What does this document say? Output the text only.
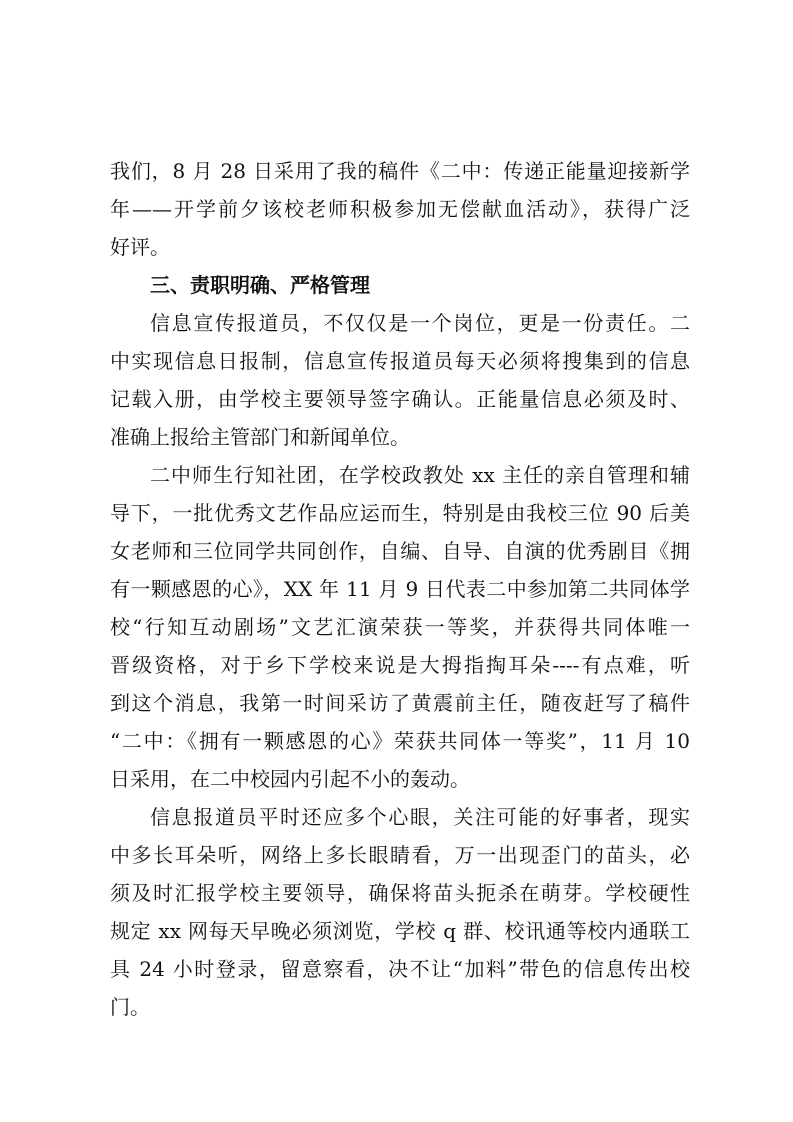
我们，8 月 28 日采用了我的稿件《二中：传递正能量迎接新学
年——开学前夕该校老师积极参加无偿献血活动》，获得广泛
好评。
三、责职明确、严格管理
信息宣传报道员，不仅仅是一个岗位，更是一份责任。二
中实现信息日报制，信息宣传报道员每天必须将搜集到的信息
记载入册，由学校主要领导签字确认。正能量信息必须及时、
准确上报给主管部门和新闻单位。
二中师生行知社团，在学校政教处 xx 主任的亲自管理和辅
导下，一批优秀文艺作品应运而生，特别是由我校三位 90 后美
女老师和三位同学共同创作，自编、自导、自演的优秀剧目《拥
有一颗感恩的心》，XX 年 11 月 9 日代表二中参加第二共同体学
校“行知互动剧场”文艺汇演荣获一等奖，并获得共同体唯一
晋级资格，对于乡下学校来说是大拇指掏耳朵----有点难，听
到这个消息，我第一时间采访了黄震前主任，随夜赶写了稿件
“二中：《拥有一颗感恩的心》荣获共同体一等奖”，11 月 10
日采用，在二中校园内引起不小的轰动。
信息报道员平时还应多个心眼，关注可能的好事者，现实
中多长耳朵听，网络上多长眼睛看，万一出现歪门的苗头，必
须及时汇报学校主要领导，确保将苗头扼杀在萌芽。学校硬性
规定 xx 网每天早晚必须浏览，学校 q 群、校讯通等校内通联工
具 24 小时登录，留意察看，决不让“加料”带色的信息传出校
门。
